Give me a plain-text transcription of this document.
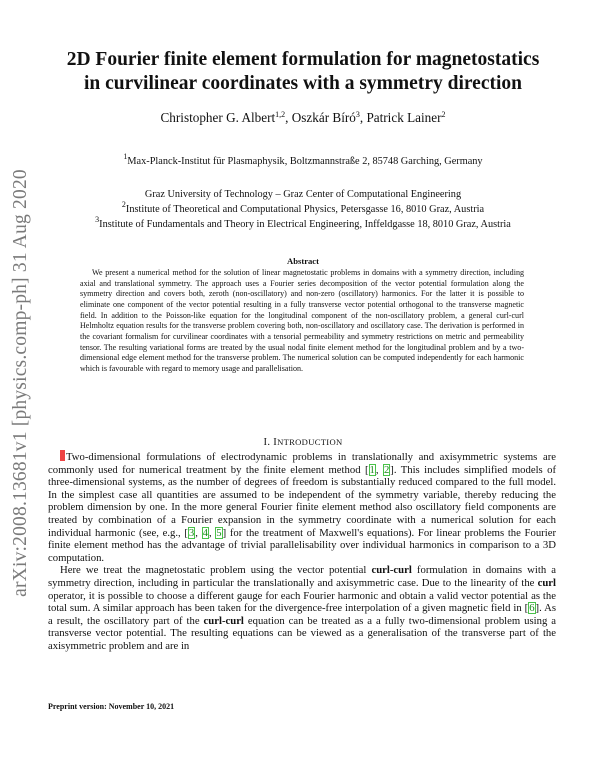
arXiv:2008.13681v1 [physics.comp-ph] 31 Aug 2020
2D Fourier finite element formulation for magnetostatics
in curvilinear coordinates with a symmetry direction
Christopher G. Albert$^{1,2}$, Oszkár Bíró$^3$, Patrick Lainer$^2$
$^1$Max-Planck-Institut für Plasmaphysik, Boltzmannstraße 2, 85748 Garching, Germany
Graz University of Technology – Graz Center of Computational Engineering
$^2$Institute of Theoretical and Computational Physics, Petersgasse 16, 8010 Graz, Austria
$^3$Institute of Fundamentals and Theory in Electrical Engineering, Inffeldgasse 18, 8010 Graz, Austria
Abstract

We present a numerical method for the solution of linear magnetostatic problems in domains with a symmetry direction, including axial and translational symmetry. The approach uses a Fourier series decomposition of the vector potential formulation along the symmetry direction and covers both, zeroth (non-oscillatory) and non-zero (oscillatory) harmonics. For the latter it is possible to eliminate one component of the vector potential resulting in a fully transverse vector potential orthogonal to the transverse magnetic field. In addition to the Poisson-like equation for the longitudinal component of the non-oscillatory problem, a general curl-curl Helmholtz equation results for the transverse problem covering both, non-oscillatory and oscillatory case. The derivation is performed in the covariant formalism for curvilinear coordinates with a tensorial permeability and symmetry restrictions on metric and permeability tensor. The resulting variational forms are treated by the usual nodal finite element method for the longitudinal problem and by a two-dimensional edge element method for the transverse problem. The numerical solution can be computed independently for each harmonic which is favourable with regard to memory usage and parallelisation.

I. INTRODUCTION

Two-dimensional formulations of electrodynamic problems in translationally and axisymmetric systems are commonly used for numerical treatment by the finite element method [1, 2]. This includes simplified models of three-dimensional systems, as the number of degrees of freedom is substantially reduced compared to the full model. In the simplest case all quantities are assumed to be independent of the symmetry variable, thereby reducing the problem dimension by one. In the more general Fourier finite element method also oscillatory field components are treated by combination of a Fourier expansion in the symmetry coordinate with a numerical solution for each individual harmonic (see, e.g., [3, 4, 5] for the treatment of Maxwell's equations). For linear problems the Fourier finite element method has the advantage of trivial parallelisability over individual harmonics in comparison to a 3D computation.

Here we treat the magnetostatic problem using the vector potential curl-curl formulation in domains with a symmetry direction, including in particular the translationally and axisymmetric case. Due to the linearity of the curl operator, it is possible to choose a different gauge for each Fourier harmonic and obtain a valid vector potential as the total sum. A similar approach has been taken for the divergence-free interpolation of a given magnetic field in [6]. As a result, the oscillatory part of the curl-curl equation can be treated as a a fully two-dimensional problem using a transverse vector potential. The resulting equations can be viewed as a generalisation of the transverse part of the axisymmetric problem and are in

Preprint version: November 10, 2021
